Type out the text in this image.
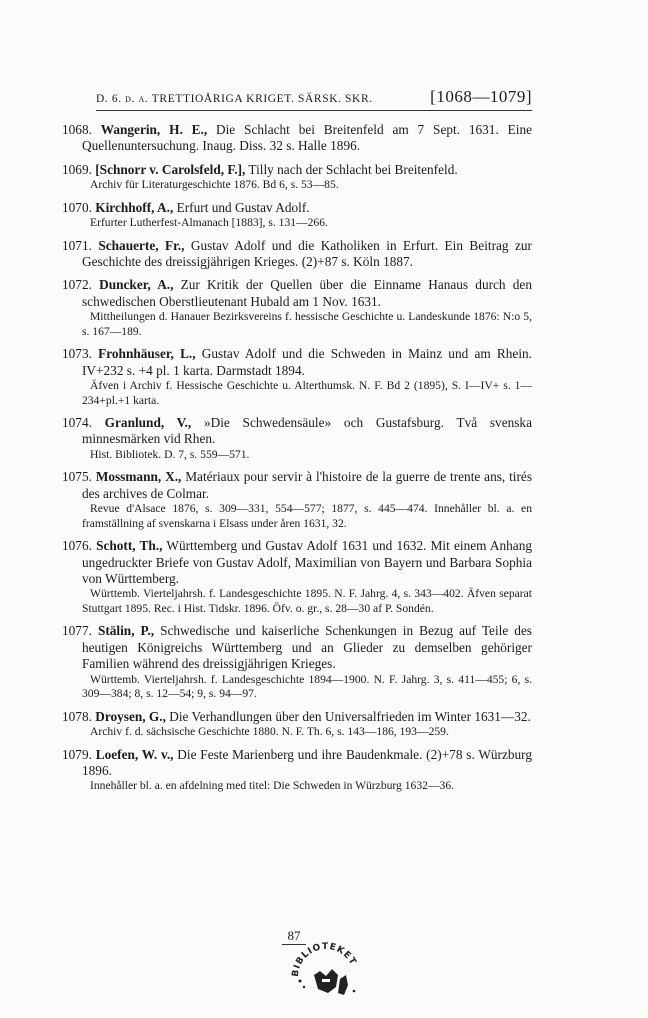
D. 6. d. α. TRETTIOÅRIGA KRIGET. SÄRSK. SKR.	[1068—1079]
1068. Wangerin, H. E., Die Schlacht bei Breitenfeld am 7 Sept. 1631. Eine Quellenuntersuchung. Inaug. Diss. 32 s. Halle 1896.
1069. [Schnorr v. Carolsfeld, F.], Tilly nach der Schlacht bei Breitenfeld.
Archiv für Literaturgeschichte 1876. Bd 6, s. 53—85.
1070. Kirchhoff, A., Erfurt und Gustav Adolf.
Erfurter Lutherfest-Almanach [1883], s. 131—266.
1071. Schauerte, Fr., Gustav Adolf und die Katholiken in Erfurt. Ein Beitrag zur Geschichte des dreissigjährigen Krieges. (2)+87 s. Köln 1887.
1072. Duncker, A., Zur Kritik der Quellen über die Einname Hanaus durch den schwedischen Oberstlieutenant Hubald am 1 Nov. 1631.
Mittheilungen d. Hanauer Bezirksvereins f. hessische Geschichte u. Landeskunde 1876: N:o 5, s. 167—189.
1073. Frohnhäuser, L., Gustav Adolf und die Schweden in Mainz und am Rhein. IV+232 s. +4 pl. 1 karta. Darmstadt 1894.
Äfven i Archiv f. Hessische Geschichte u. Alterthumsk. N. F. Bd 2 (1895), S. I—IV+ s. 1—234+pl.+1 karta.
1074. Granlund, V., »Die Schwedensäule» och Gustafsburg. Två svenska minnesmärken vid Rhen.
Hist. Bibliotek. D. 7, s. 559—571.
1075. Mossmann, X., Matériaux pour servir à l'histoire de la guerre de trente ans, tirés des archives de Colmar.
Revue d'Alsace 1876, s. 309—331, 554—577; 1877, s. 445—474. Innehåller bl. a. en framställning af svenskarna i Elsass under åren 1631, 32.
1076. Schott, Th., Württemberg und Gustav Adolf 1631 und 1632. Mit einem Anhang ungedruckter Briefe von Gustav Adolf, Maximilian von Bayern und Barbara Sophia von Württemberg.
Württemb. Vierteljahrsh. f. Landesgeschichte 1895. N. F. Jahrg. 4, s. 343—402. Äfven separat Stuttgart 1895. Rec. i Hist. Tidskr. 1896. Öfv. o. gr., s. 28—30 af P. Sondén.
1077. Stälin, P., Schwedische und kaiserliche Schenkungen in Bezug auf Teile des heutigen Königreichs Württemberg und an Glieder zu demselben gehöriger Familien während des dreissigjährigen Krieges.
Württemb. Vierteljahrsh. f. Landesgeschichte 1894—1900. N. F. Jahrg. 3, s. 411—455; 6, s. 309—384; 8, s. 12—54; 9, s. 94—97.
1078. Droysen, G., Die Verhandlungen über den Universalfrieden im Winter 1631—32.
Archiv f. d. sächsische Geschichte 1880. N. F. Th. 6, s. 143—186, 193—259.
1079. Loefen, W. v., Die Feste Marienberg und ihre Baudenkmale. (2)+78 s. Würzburg 1896.
Innehåller bl. a. en afdelning med titel: Die Schweden in Würzburg 1632—36.
87
BIBLIOTEKET
